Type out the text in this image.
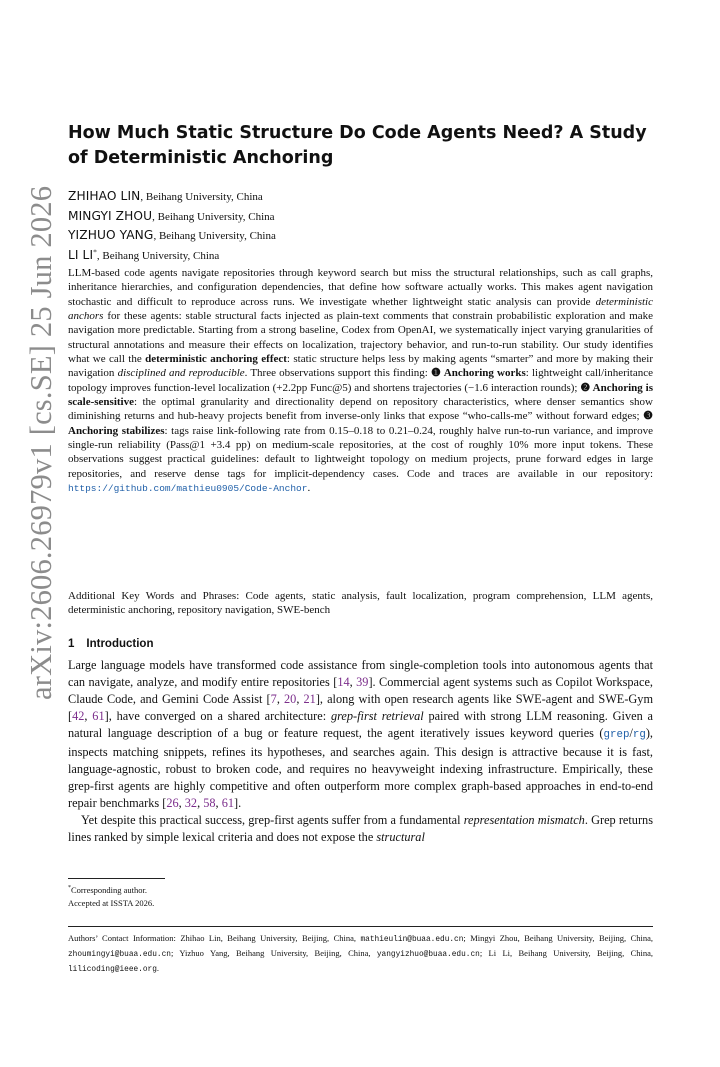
arXiv:2606.26979v1 [cs.SE] 25 Jun 2026
How Much Static Structure Do Code Agents Need? A Study of Deterministic Anchoring
ZHIHAO LIN, Beihang University, China
MINGYI ZHOU, Beihang University, China
YIZHUO YANG, Beihang University, China
LI LI*, Beihang University, China

LLM-based code agents navigate repositories through keyword search but miss the structural relationships, such as call graphs, inheritance hierarchies, and configuration dependencies, that define how software actually works. This makes agent navigation stochastic and difficult to reproduce across runs. We investigate whether lightweight static analysis can provide deterministic anchors for these agents: stable structural facts injected as plain-text comments that constrain probabilistic exploration and make navigation more predictable. Starting from a strong baseline, Codex from OpenAI, we systematically inject varying granularities of structural annotations and measure their effects on localization, trajectory behavior, and run-to-run stability. Our study identifies what we call the deterministic anchoring effect: static structure helps less by making agents “smarter” and more by making their navigation disciplined and reproducible. Three observations support this finding: ❶ Anchoring works: lightweight call/inheritance topology improves function-level localization (+2.2pp Func@5) and shortens trajectories (−1.6 interaction rounds); ❷ Anchoring is scale-sensitive: the optimal granularity and directionality depend on repository characteristics, where denser semantics show diminishing returns and hub-heavy projects benefit from inverse-only links that expose “who-calls-me” without forward edges; ❸ Anchoring stabilizes: tags raise link-following rate from 0.15–0.18 to 0.21–0.24, roughly halve run-to-run variance, and improve single-run reliability (Pass@1 +3.4 pp) on medium-scale repositories, at the cost of roughly 10% more input tokens. These observations suggest practical guidelines: default to lightweight topology on medium projects, prune forward edges in large repositories, and reserve dense tags for implicit-dependency cases. Code and traces are available in our repository: https://github.com/mathieu0905/Code-Anchor.

Additional Key Words and Phrases: Code agents, static analysis, fault localization, program comprehension, LLM agents, deterministic anchoring, repository navigation, SWE-bench

1 Introduction

Large language models have transformed code assistance from single-completion tools into autonomous agents that can navigate, analyze, and modify entire repositories [14, 39]. Commercial agent systems such as Copilot Workspace, Claude Code, and Gemini Code Assist [7, 20, 21], along with open research agents like SWE-agent and SWE-Gym [42, 61], have converged on a shared architecture: grep-first retrieval paired with strong LLM reasoning. Given a natural language description of a bug or feature request, the agent iteratively issues keyword queries (grep/rg), inspects matching snippets, refines its hypotheses, and searches again. This design is attractive because it is fast, language-agnostic, robust to broken code, and requires no heavyweight indexing infrastructure. Empirically, these grep-first agents are highly competitive and often outperform more complex graph-based approaches in end-to-end repair benchmarks [26, 32, 58, 61].

Yet despite this practical success, grep-first agents suffer from a fundamental representation mismatch. Grep returns lines ranked by simple lexical criteria and does not expose the structural

*Corresponding author.
Accepted at ISSTA 2026.
Authors’ Contact Information: Zhihao Lin, Beihang University, Beijing, China, mathieulin@buaa.edu.cn; Mingyi Zhou, Beihang University, Beijing, China, zhoumingyi@buaa.edu.cn; Yizhuo Yang, Beihang University, Beijing, China, yangyizhuo@buaa.edu.cn; Li Li, Beihang University, Beijing, China, lilicoding@ieee.org.
